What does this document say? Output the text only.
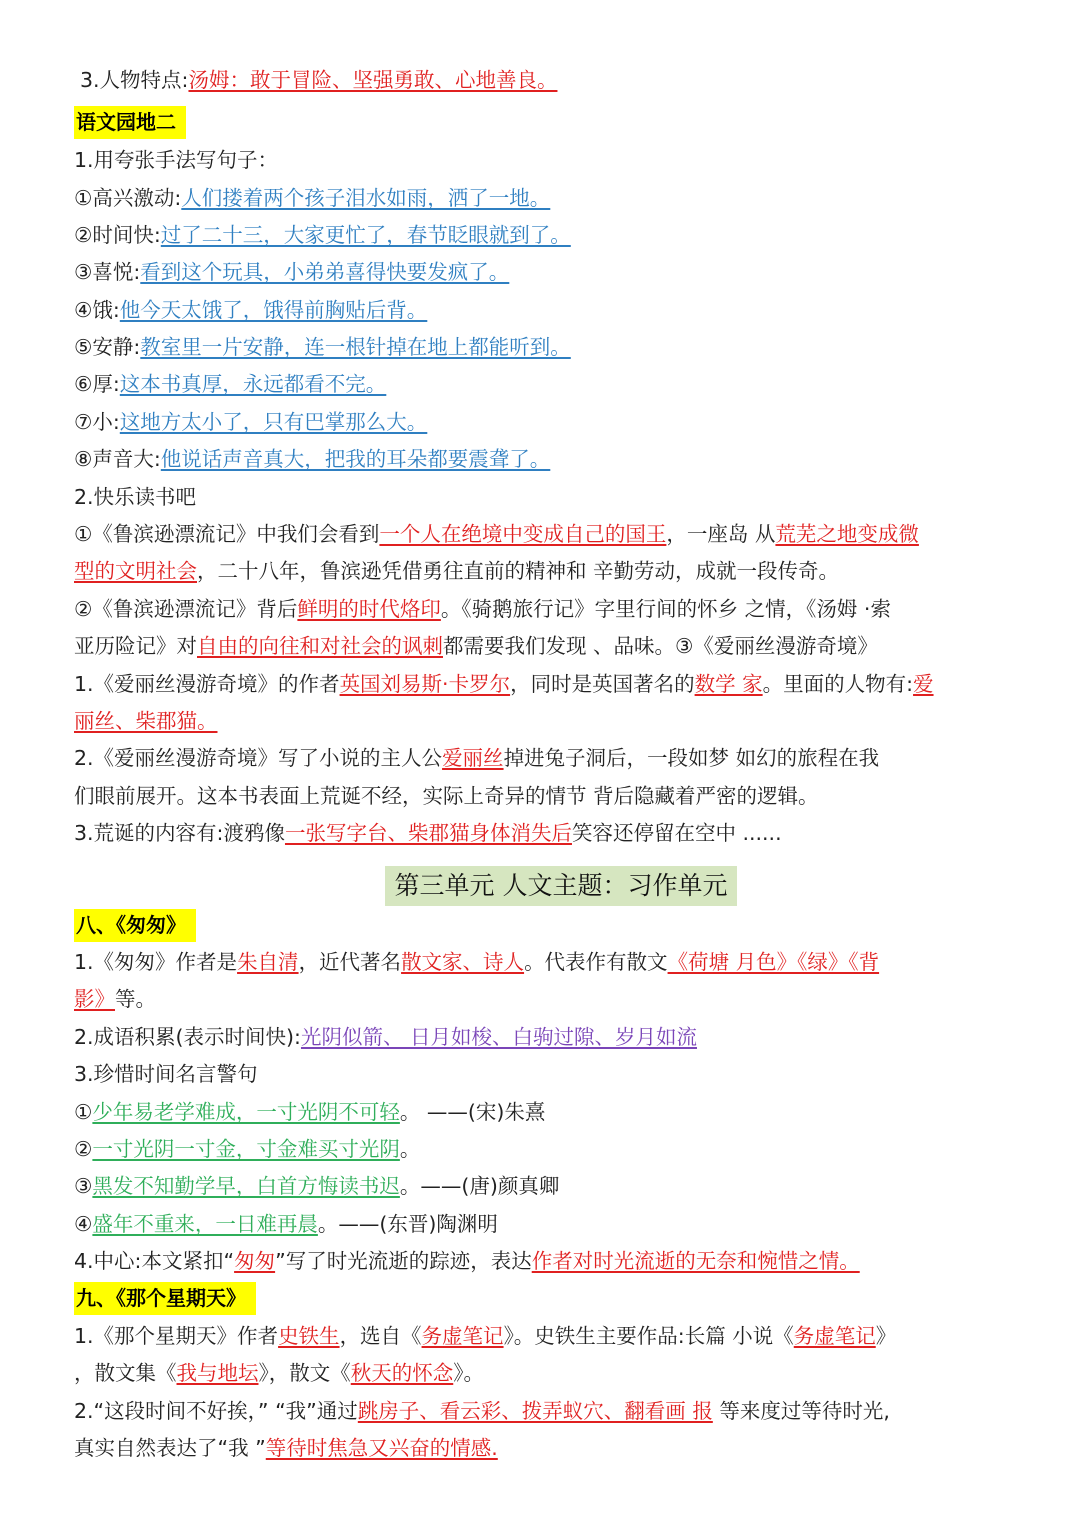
3.人物特点:汤姆：敢于冒险、坚强勇敢、心地善良。
语文园地二
1.用夸张手法写句子：
①高兴激动:人们搂着两个孩子泪水如雨，洒了一地。
②时间快:过了二十三，大家更忙了，春节眨眼就到了。
③喜悦:看到这个玩具，小弟弟喜得快要发疯了。
④饿:他今天太饿了，饿得前胸贴后背。
⑤安静:教室里一片安静，连一根针掉在地上都能听到。
⑥厚:这本书真厚，永远都看不完。
⑦小:这地方太小了，只有巴掌那么大。
⑧声音大:他说话声音真大，把我的耳朵都要震聋了。
2.快乐读书吧
①《鲁滨逊漂流记》中我们会看到一个人在绝境中变成自己的国王，一座岛 从荒芜之地变成微
型的文明社会，二十八年，鲁滨逊凭借勇往直前的精神和 辛勤劳动，成就一段传奇。
②《鲁滨逊漂流记》背后鲜明的时代烙印。《骑鹅旅行记》字里行间的怀乡 之情，《汤姆 ·索
亚历险记》对自由的向往和对社会的讽刺都需要我们发现 、品味。③《爱丽丝漫游奇境》
1.《爱丽丝漫游奇境》的作者英国刘易斯·卡罗尔，同时是英国著名的数学 家。里面的人物有:爱
丽丝、柴郡猫。
2.《爱丽丝漫游奇境》写了小说的主人公爱丽丝掉进兔子洞后，一段如梦 如幻的旅程在我
们眼前展开。这本书表面上荒诞不经，实际上奇异的情节 背后隐藏着严密的逻辑。
3.荒诞的内容有:渡鸦像一张写字台、柴郡猫身体消失后笑容还停留在空中 ......
第三单元 人文主题：习作单元
八、《匆匆》
1.《匆匆》作者是朱自清，近代著名散文家、诗人。代表作有散文《荷塘 月色》《绿》《背
影》等。
2.成语积累(表示时间快):光阴似箭、 日月如梭、白驹过隙、岁月如流
3.珍惜时间名言警句
①少年易老学难成，一寸光阴不可轻。 ——(宋)朱熹
②一寸光阴一寸金，寸金难买寸光阴。
③黑发不知勤学早，白首方悔读书迟。——(唐)颜真卿
④盛年不重来，一日难再晨。——(东晋)陶渊明
4.中心:本文紧扣“匆匆”写了时光流逝的踪迹，表达作者对时光流逝的无奈和惋惜之情。
九、《那个星期天》
1.《那个星期天》作者史铁生，选自《务虚笔记》。史铁生主要作品:长篇 小说《务虚笔记》
，散文集《我与地坛》，散文《秋天的怀念》。
2.“这段时间不好挨，” “我”通过跳房子、看云彩、拨弄蚁穴、翻看画 报 等来度过等待时光,
真实自然表达了“我 ”等待时焦急又兴奋的情感.
